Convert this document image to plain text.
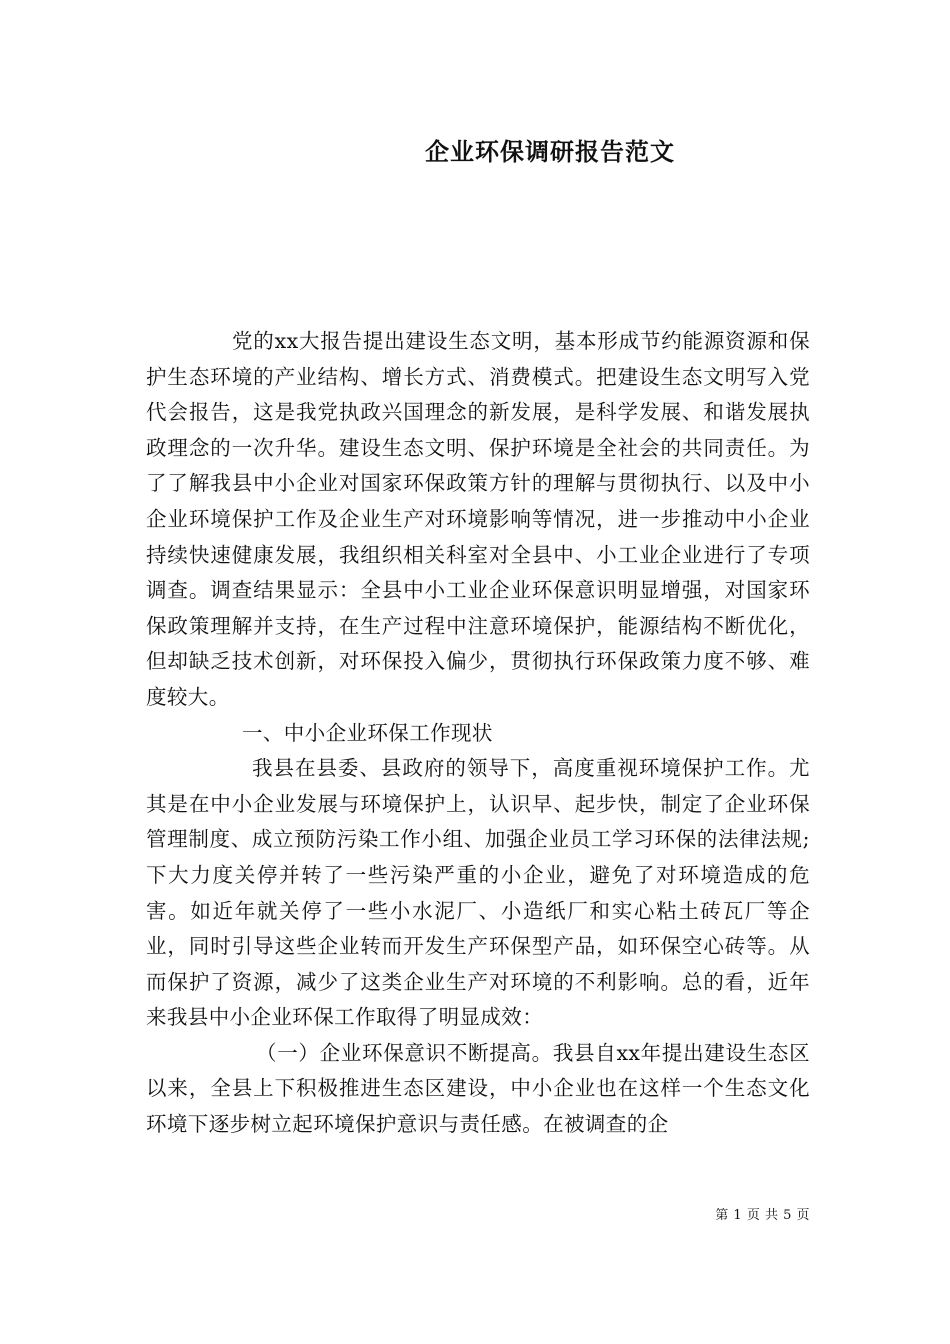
企业环保调研报告范文

党的xx大报告提出建设生态文明，基本形成节约能源资源和保护生态环境的产业结构、增长方式、消费模式。把建设生态文明写入党代会报告，这是我党执政兴国理念的新发展，是科学发展、和谐发展执政理念的一次升华。建设生态文明、保护环境是全社会的共同责任。为了了解我县中小企业对国家环保政策方针的理解与贯彻执行、以及中小企业环境保护工作及企业生产对环境影响等情况，进一步推动中小企业持续快速健康发展，我组织相关科室对全县中、小工业企业进行了专项调查。调查结果显示：全县中小工业企业环保意识明显增强，对国家环保政策理解并支持，在生产过程中注意环境保护，能源结构不断优化，但却缺乏技术创新，对环保投入偏少，贯彻执行环保政策力度不够、难度较大。

一、中小企业环保工作现状

我县在县委、县政府的领导下，高度重视环境保护工作。尤其是在中小企业发展与环境保护上，认识早、起步快，制定了企业环保管理制度、成立预防污染工作小组、加强企业员工学习环保的法律法规;下大力度关停并转了一些污染严重的小企业，避免了对环境造成的危害。如近年就关停了一些小水泥厂、小造纸厂和实心粘土砖瓦厂等企业，同时引导这些企业转而开发生产环保型产品，如环保空心砖等。从而保护了资源，减少了这类企业生产对环境的不利影响。总的看，近年来我县中小企业环保工作取得了明显成效：

（一）企业环保意识不断提高。我县自xx年提出建设生态区以来，全县上下积极推进生态区建设，中小企业也在这样一个生态文化环境下逐步树立起环境保护意识与责任感。在被调查的企

第 1 页 共 5 页
